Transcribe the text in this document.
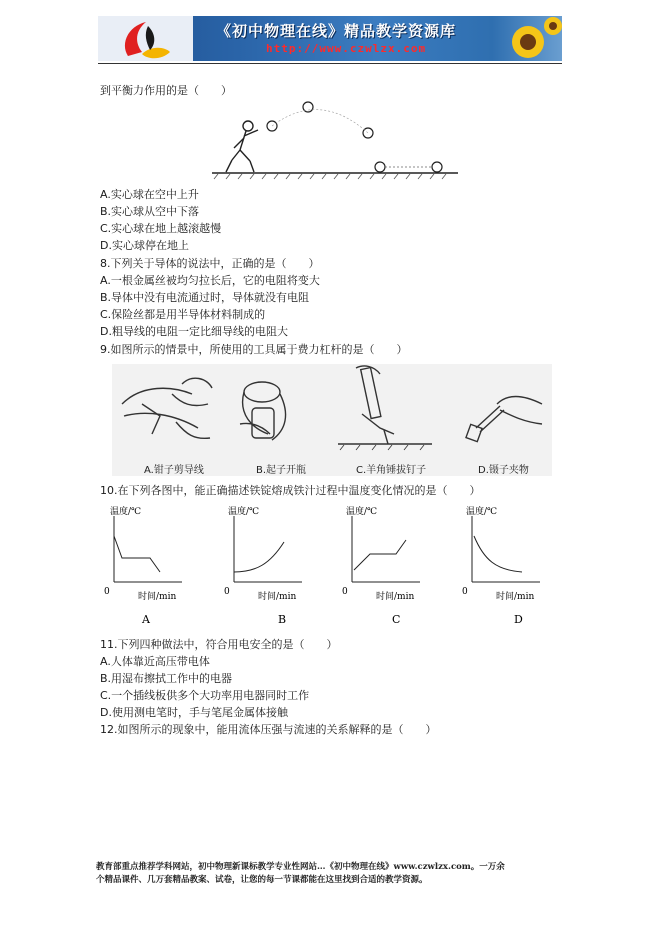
《初中物理在线》精品教学资源库
http://www.czwlzx.com
到平衡力作用的是（　　）
A.实心球在空中上升
B.实心球从空中下落
C.实心球在地上越滚越慢
D.实心球停在地上
8.下列关于导体的说法中，正确的是（　　）
A.一根金属丝被均匀拉长后，它的电阻将变大
B.导体中没有电流通过时，导体就没有电阻
C.保险丝都是用半导体材料制成的
D.粗导线的电阻一定比细导线的电阻大
9.如图所示的情景中，所使用的工具属于费力杠杆的是（　　）
A.钳子剪导线	B.起子开瓶	C.羊角锤拔钉子	D.镊子夹物
10.在下列各图中，能正确描述铁锭熔成铁汁过程中温度变化情况的是（　　）
温度/℃
0	时间/min
A
温度/℃
0	时间/min
B
温度/℃
0	时间/min
C
温度/℃
0	时间/min
D
11.下列四种做法中，符合用电安全的是（　　）
A.人体靠近高压带电体
B.用湿布擦拭工作中的电器
C.一个插线板供多个大功率用电器同时工作
D.使用测电笔时，手与笔尾金属体接触
12.如图所示的现象中，能用流体压强与流速的关系解释的是（　　）
教育部重点推荐学科网站，初中物理新课标教学专业性网站…《初中物理在线》www.czwlzx.com。一万余
个精品课件、几万套精品教案、试卷，让您的每一节课都能在这里找到合适的教学资源。
